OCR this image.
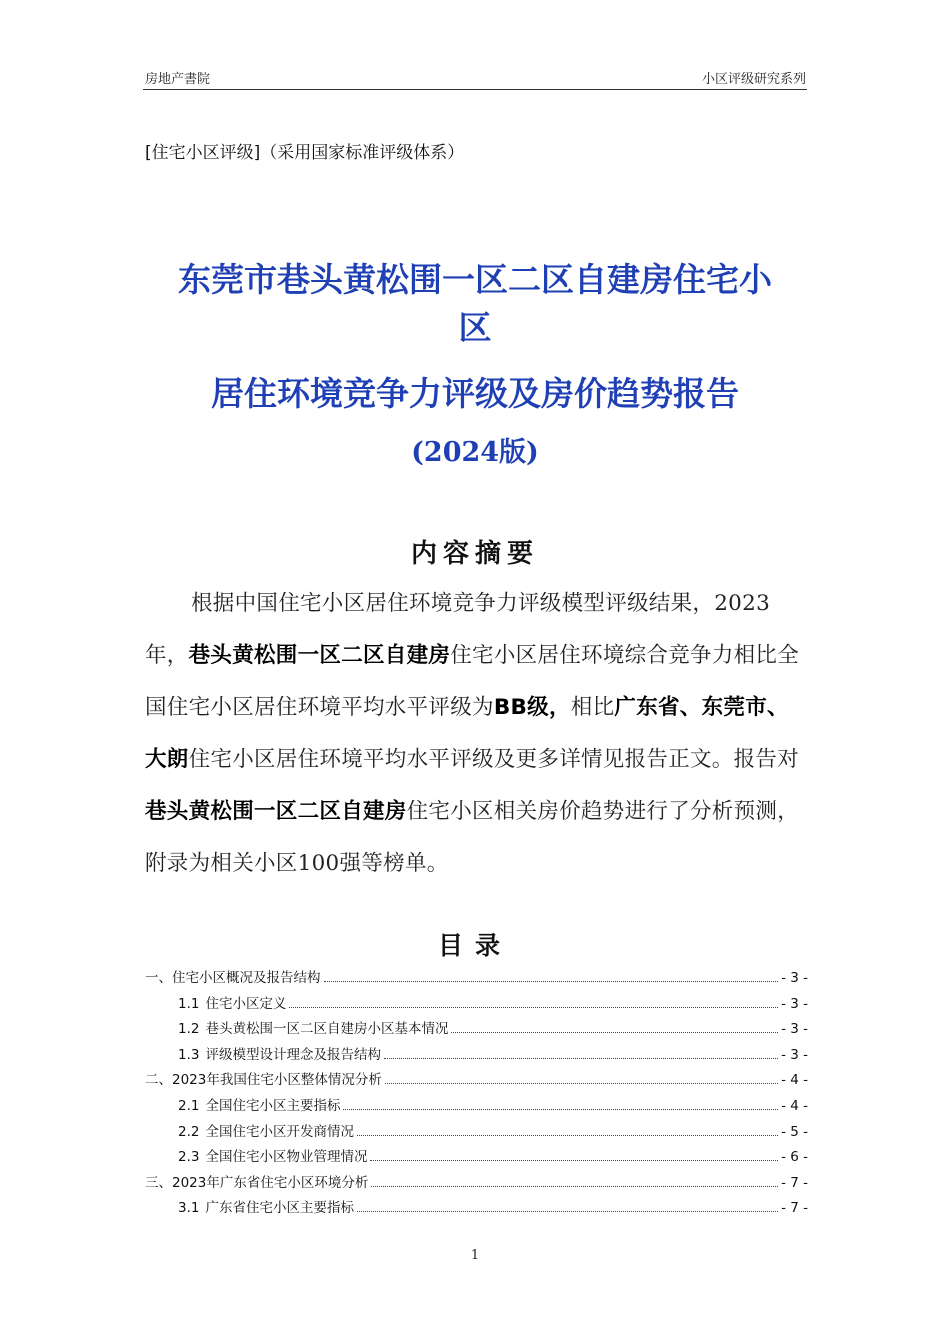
房地产書院	小区评级研究系列
[住宅小区评级]（采用国家标准评级体系）
东莞市巷头黄松围一区二区自建房住宅小
区
居住环境竞争力评级及房价趋势报告
(2024版)
内容摘要
根据中国住宅小区居住环境竞争力评级模型评级结果，2023年，巷头黄松围一区二区自建房住宅小区居住环境综合竞争力相比全国住宅小区居住环境平均水平评级为BB级，相比广东省、东莞市、大朗住宅小区居住环境平均水平评级及更多详情见报告正文。报告对巷头黄松围一区二区自建房住宅小区相关房价趋势进行了分析预测，附录为相关小区100强等榜单。
目录
一、住宅小区概况及报告结构	- 3 -
1.1 住宅小区定义	- 3 -
1.2 巷头黄松围一区二区自建房小区基本情况	- 3 -
1.3 评级模型设计理念及报告结构	- 3 -
二、2023年我国住宅小区整体情况分析	- 4 -
2.1 全国住宅小区主要指标	- 4 -
2.2 全国住宅小区开发商情况	- 5 -
2.3 全国住宅小区物业管理情况	- 6 -
三、2023年广东省住宅小区环境分析	- 7 -
3.1 广东省住宅小区主要指标	- 7 -
1
